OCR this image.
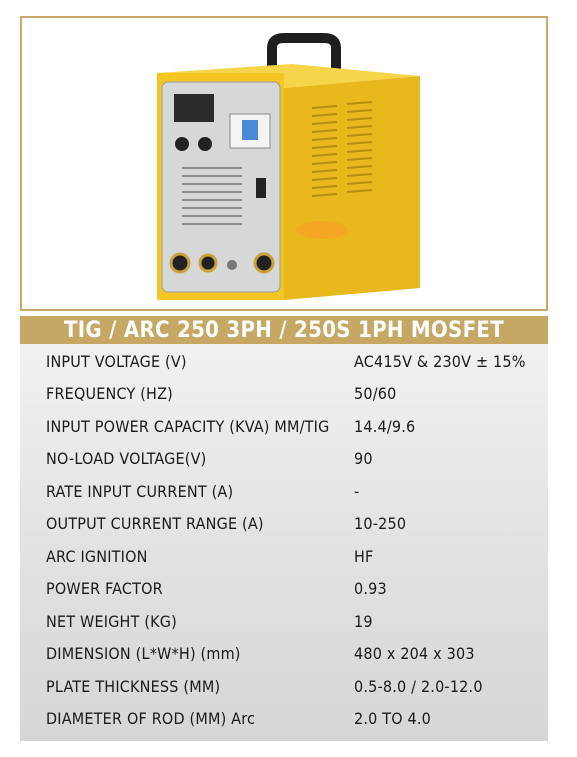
TIG / ARC 250 3PH / 250S 1PH MOSFET
INPUT VOLTAGE (V)	AC415V & 230V ± 15%
FREQUENCY (HZ)	50/60
INPUT POWER CAPACITY (KVA) MM/TIG 14.4/9.6
NO-LOAD VOLTAGE(V)	90
RATE INPUT CURRENT (A)	-
OUTPUT CURRENT RANGE (A)	10-250
ARC IGNITION	HF
POWER FACTOR	0.93
NET WEIGHT (KG)	19
DIMENSION (L*W*H) (mm)	480 x 204 x 303
PLATE THICKNESS (MM)	0.5-8.0 / 2.0-12.0
DIAMETER OF ROD (MM) Arc	2.0 TO 4.0
